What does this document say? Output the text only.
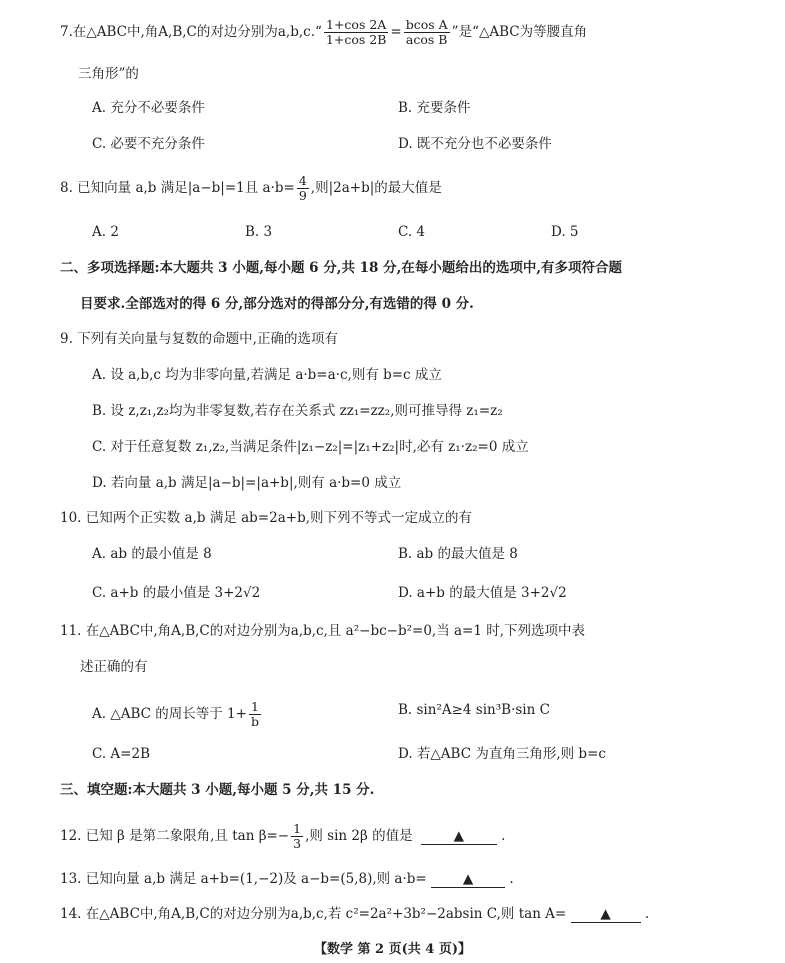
7.在△ABC中,角A,B,C的对边分别为a,b,c.“ $\frac{1+\cos 2A}{1+\cos 2B} = \frac{\text{bcos A}}{\text{acos B}}$ ”是“△ABC为等腰直角
三角形”的
A. 充分不必要条件	B. 充要条件
C. 必要不充分条件	D. 既不充分也不必要条件
8. 已知向量 a,b 满足|a−b|=1且 $a\cdot b= \frac{4}{9}$ ,则|2a+b|的最大值是
A. 2	B. 3	C. 4	D. 5
二、多项选择题:本大题共 3 小题,每小题 6 分,共 18 分,在每小题给出的选项中,有多项符合题
目要求.全部选对的得 6 分,部分选对的得部分分,有选错的得 0 分.
9. 下列有关向量与复数的命题中,正确的选项有
A. 设 a,b,c 均为非零向量,若满足 a·b=a·c,则有 b=c 成立
B. 设 z,z₁,z₂均为非零复数,若存在关系式 zz₁=zz₂,则可推导得 z₁=z₂
C. 对于任意复数 z₁,z₂,当满足条件|z₁−z₂|=|z₁+z₂|时,必有 z₁·z₂=0 成立
D. 若向量 a,b 满足|a−b|=|a+b|,则有 a·b=0 成立
10. 已知两个正实数 a,b 满足 ab=2a+b,则下列不等式一定成立的有
A. ab 的最小值是 8	B. ab 的最大值是 8
C. a+b 的最小值是 3+2√2	D. a+b 的最大值是 3+2√2
11. 在△ABC中,角A,B,C的对边分别为a,b,c,且 a²−bc−b²=0,当 a=1 时,下列选项中表
述正确的有
A. △ABC 的周长等于 $1+ \frac{1}{b}$	B. sin²A≥4 sin³B·sin C
C. A=2B	D. 若△ABC 为直角三角形,则 b=c
三、填空题:本大题共 3 小题,每小题 5 分,共 15 分.
12. 已知 β 是第二象限角,且 $\tan \beta=- \frac{1}{3}$ ,则 sin 2β 的值是	▲	.
13. 已知向量 a,b 满足 a+b=(1,−2)及 a−b=(5,8),则 a·b=	▲	.
14. 在△ABC中,角A,B,C的对边分别为a,b,c,若 c²=2a²+3b²−2absin C,则 tan A=	▲	.
【数学 第 2 页(共 4 页)】
